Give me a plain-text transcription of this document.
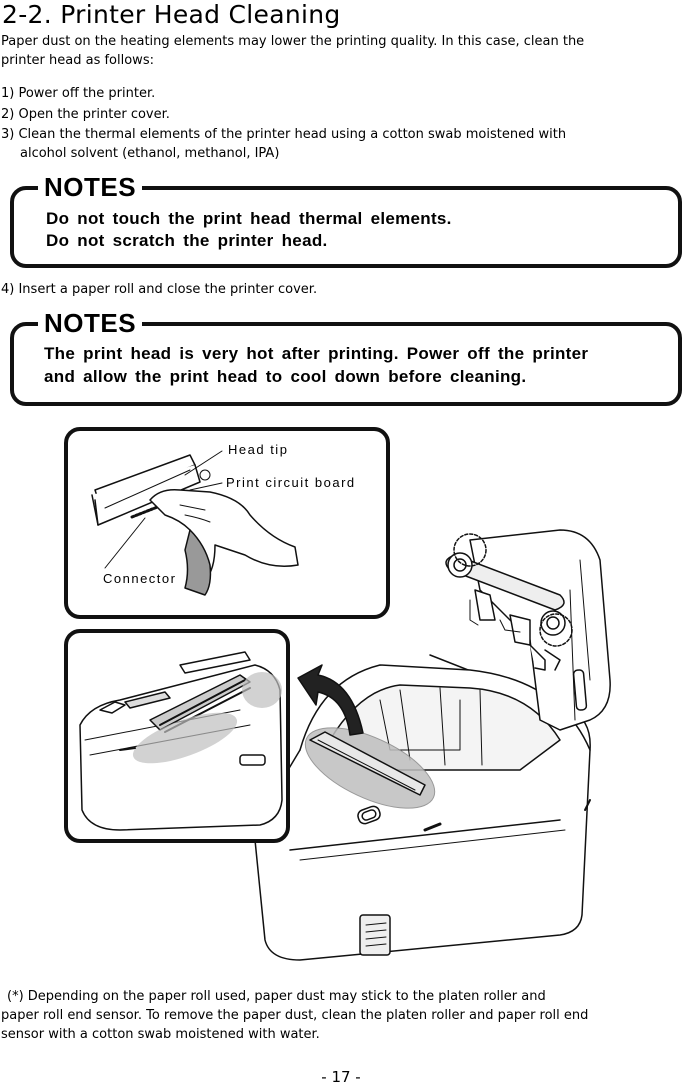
2-2. Printer Head Cleaning
Paper dust on the heating elements may lower the printing quality. In this case, clean the
printer head as follows:
1) Power off the printer.
2) Open the printer cover.
3) Clean the thermal elements of the printer head using a cotton swab moistened with
alcohol solvent (ethanol, methanol, IPA)
NOTES
Do not touch the print head thermal elements.
Do not scratch the printer head.
4) Insert a paper roll and close the printer cover.
NOTES
The print head is very hot after printing. Power off the printer
and allow the print head to cool down before cleaning.
Head tip
Print circuit board
Connector
(*) Depending on the paper roll used, paper dust may stick to the platen roller and
paper roll end sensor. To remove the paper dust, clean the platen roller and paper roll end
sensor with a cotton swab moistened with water.
- 17 -
